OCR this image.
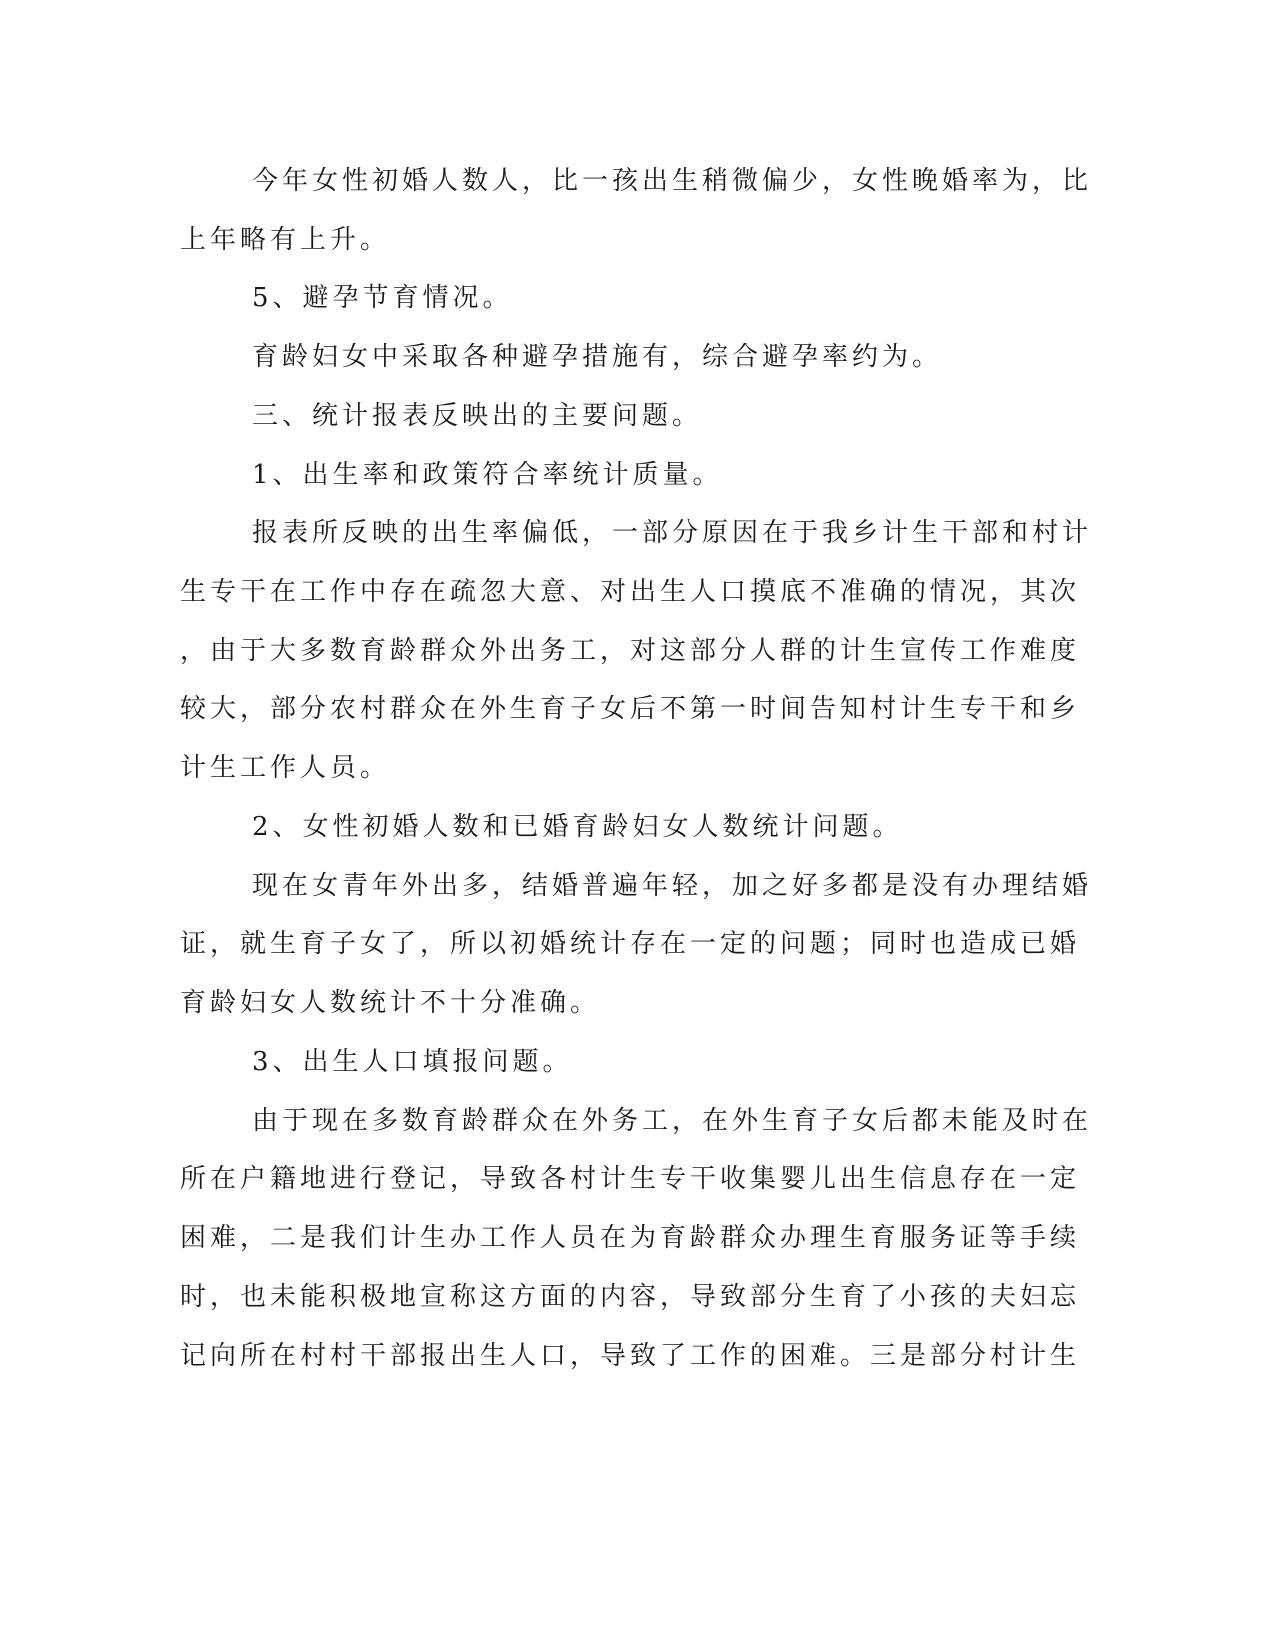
今年女性初婚人数人，比一孩出生稍微偏少，女性晚婚率为，比
上年略有上升。
5、避孕节育情况。
育龄妇女中采取各种避孕措施有，综合避孕率约为。
三、统计报表反映出的主要问题。
1、出生率和政策符合率统计质量。
报表所反映的出生率偏低，一部分原因在于我乡计生干部和村计
生专干在工作中存在疏忽大意、对出生人口摸底不准确的情况，其次
，由于大多数育龄群众外出务工，对这部分人群的计生宣传工作难度
较大，部分农村群众在外生育子女后不第一时间告知村计生专干和乡
计生工作人员。
2、女性初婚人数和已婚育龄妇女人数统计问题。
现在女青年外出多，结婚普遍年轻，加之好多都是没有办理结婚
证，就生育子女了，所以初婚统计存在一定的问题；同时也造成已婚
育龄妇女人数统计不十分准确。
3、出生人口填报问题。
由于现在多数育龄群众在外务工，在外生育子女后都未能及时在
所在户籍地进行登记，导致各村计生专干收集婴儿出生信息存在一定
困难，二是我们计生办工作人员在为育龄群众办理生育服务证等手续
时，也未能积极地宣称这方面的内容，导致部分生育了小孩的夫妇忘
记向所在村村干部报出生人口，导致了工作的困难。三是部分村计生
